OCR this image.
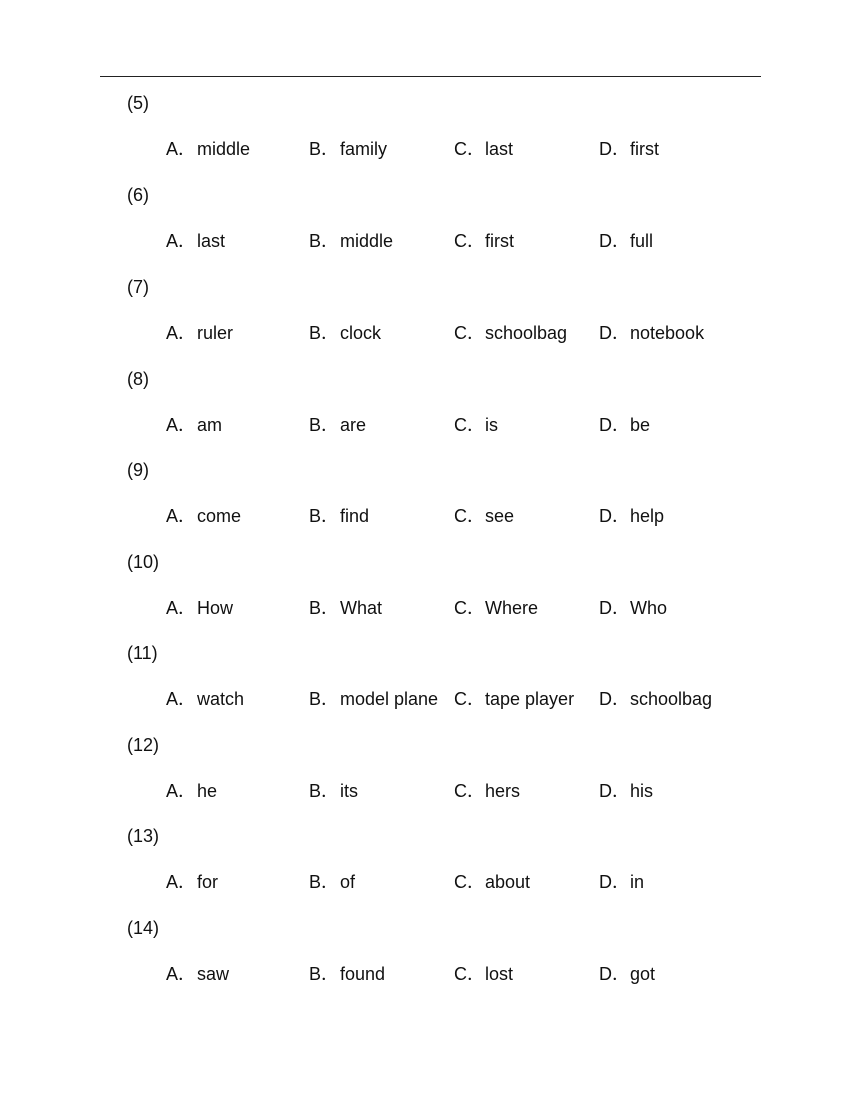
(5)
A．middle	B．family	C．last	D．first
(6)
A．last	B．middle	C．first	D．full
(7)
A．ruler	B．clock	C．schoolbag D．notebook
(8)
A．am	B．are	C．is	D．be
(9)
A．come	B．find	C．see	D．help
(10)
A．How	B．What	C．Where	D．Who
(11)
A．watch	B．model plane C．tape player D．schoolbag
(12)
A．he	B．its	C．hers	D．his
(13)
A．for	B．of	C．about	D．in
(14)
A．saw	B．found	C．lost	D．got
